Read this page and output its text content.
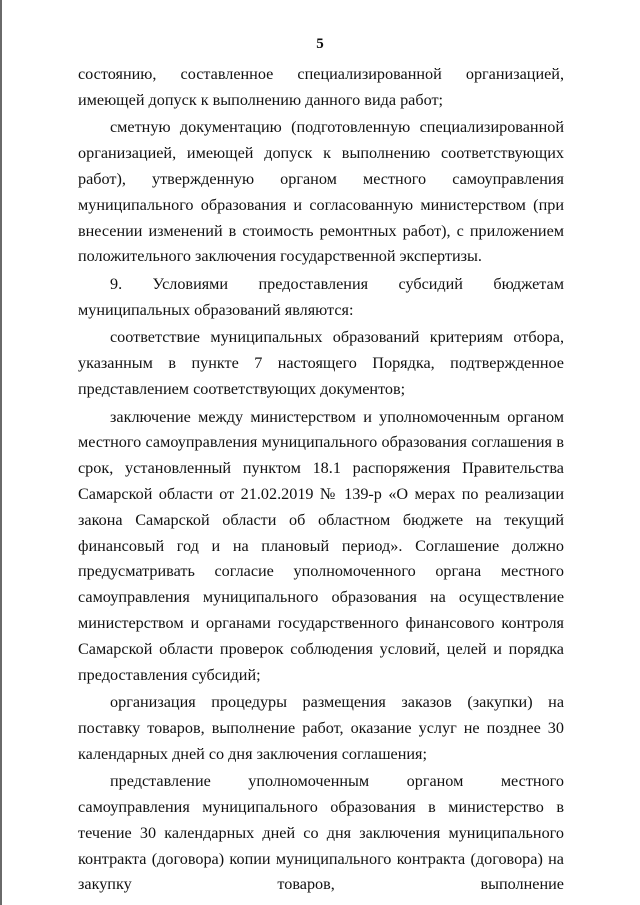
5

состоянию, составленное специализированной организацией, имеющей допуск к выполнению данного вида работ;

сметную документацию (подготовленную специализированной организацией, имеющей допуск к выполнению соответствующих работ), утвержденную органом местного самоуправления муниципального образования и согласованную министерством (при внесении изменений в стоимость ремонтных работ), с приложением положительного заключения государственной экспертизы.

9. Условиями предоставления субсидий бюджетам муниципальных образований являются:

соответствие муниципальных образований критериям отбора, указанным в пункте 7 настоящего Порядка, подтвержденное представлением соответствующих документов;

заключение между министерством и уполномоченным органом местного самоуправления муниципального образования соглашения в срок, установленный пунктом 18.1 распоряжения Правительства Самарской области от 21.02.2019 № 139-р «О мерах по реализации закона Самарской области об областном бюджете на текущий финансовый год и на плановый период». Соглашение должно предусматривать согласие уполномоченного органа местного самоуправления муниципального образования на осуществление министерством и органами государственного финансового контроля Самарской области проверок соблюдения условий, целей и порядка предоставления субсидий;

организация процедуры размещения заказов (закупки) на поставку товаров, выполнение работ, оказание услуг не позднее 30 календарных дней со дня заключения соглашения;

представление уполномоченным органом местного самоуправления муниципального образования в министерство в течение 30 календарных дней со дня заключения муниципального контракта (договора) копии муниципального контракта (договора) на закупку товаров, выполнение
